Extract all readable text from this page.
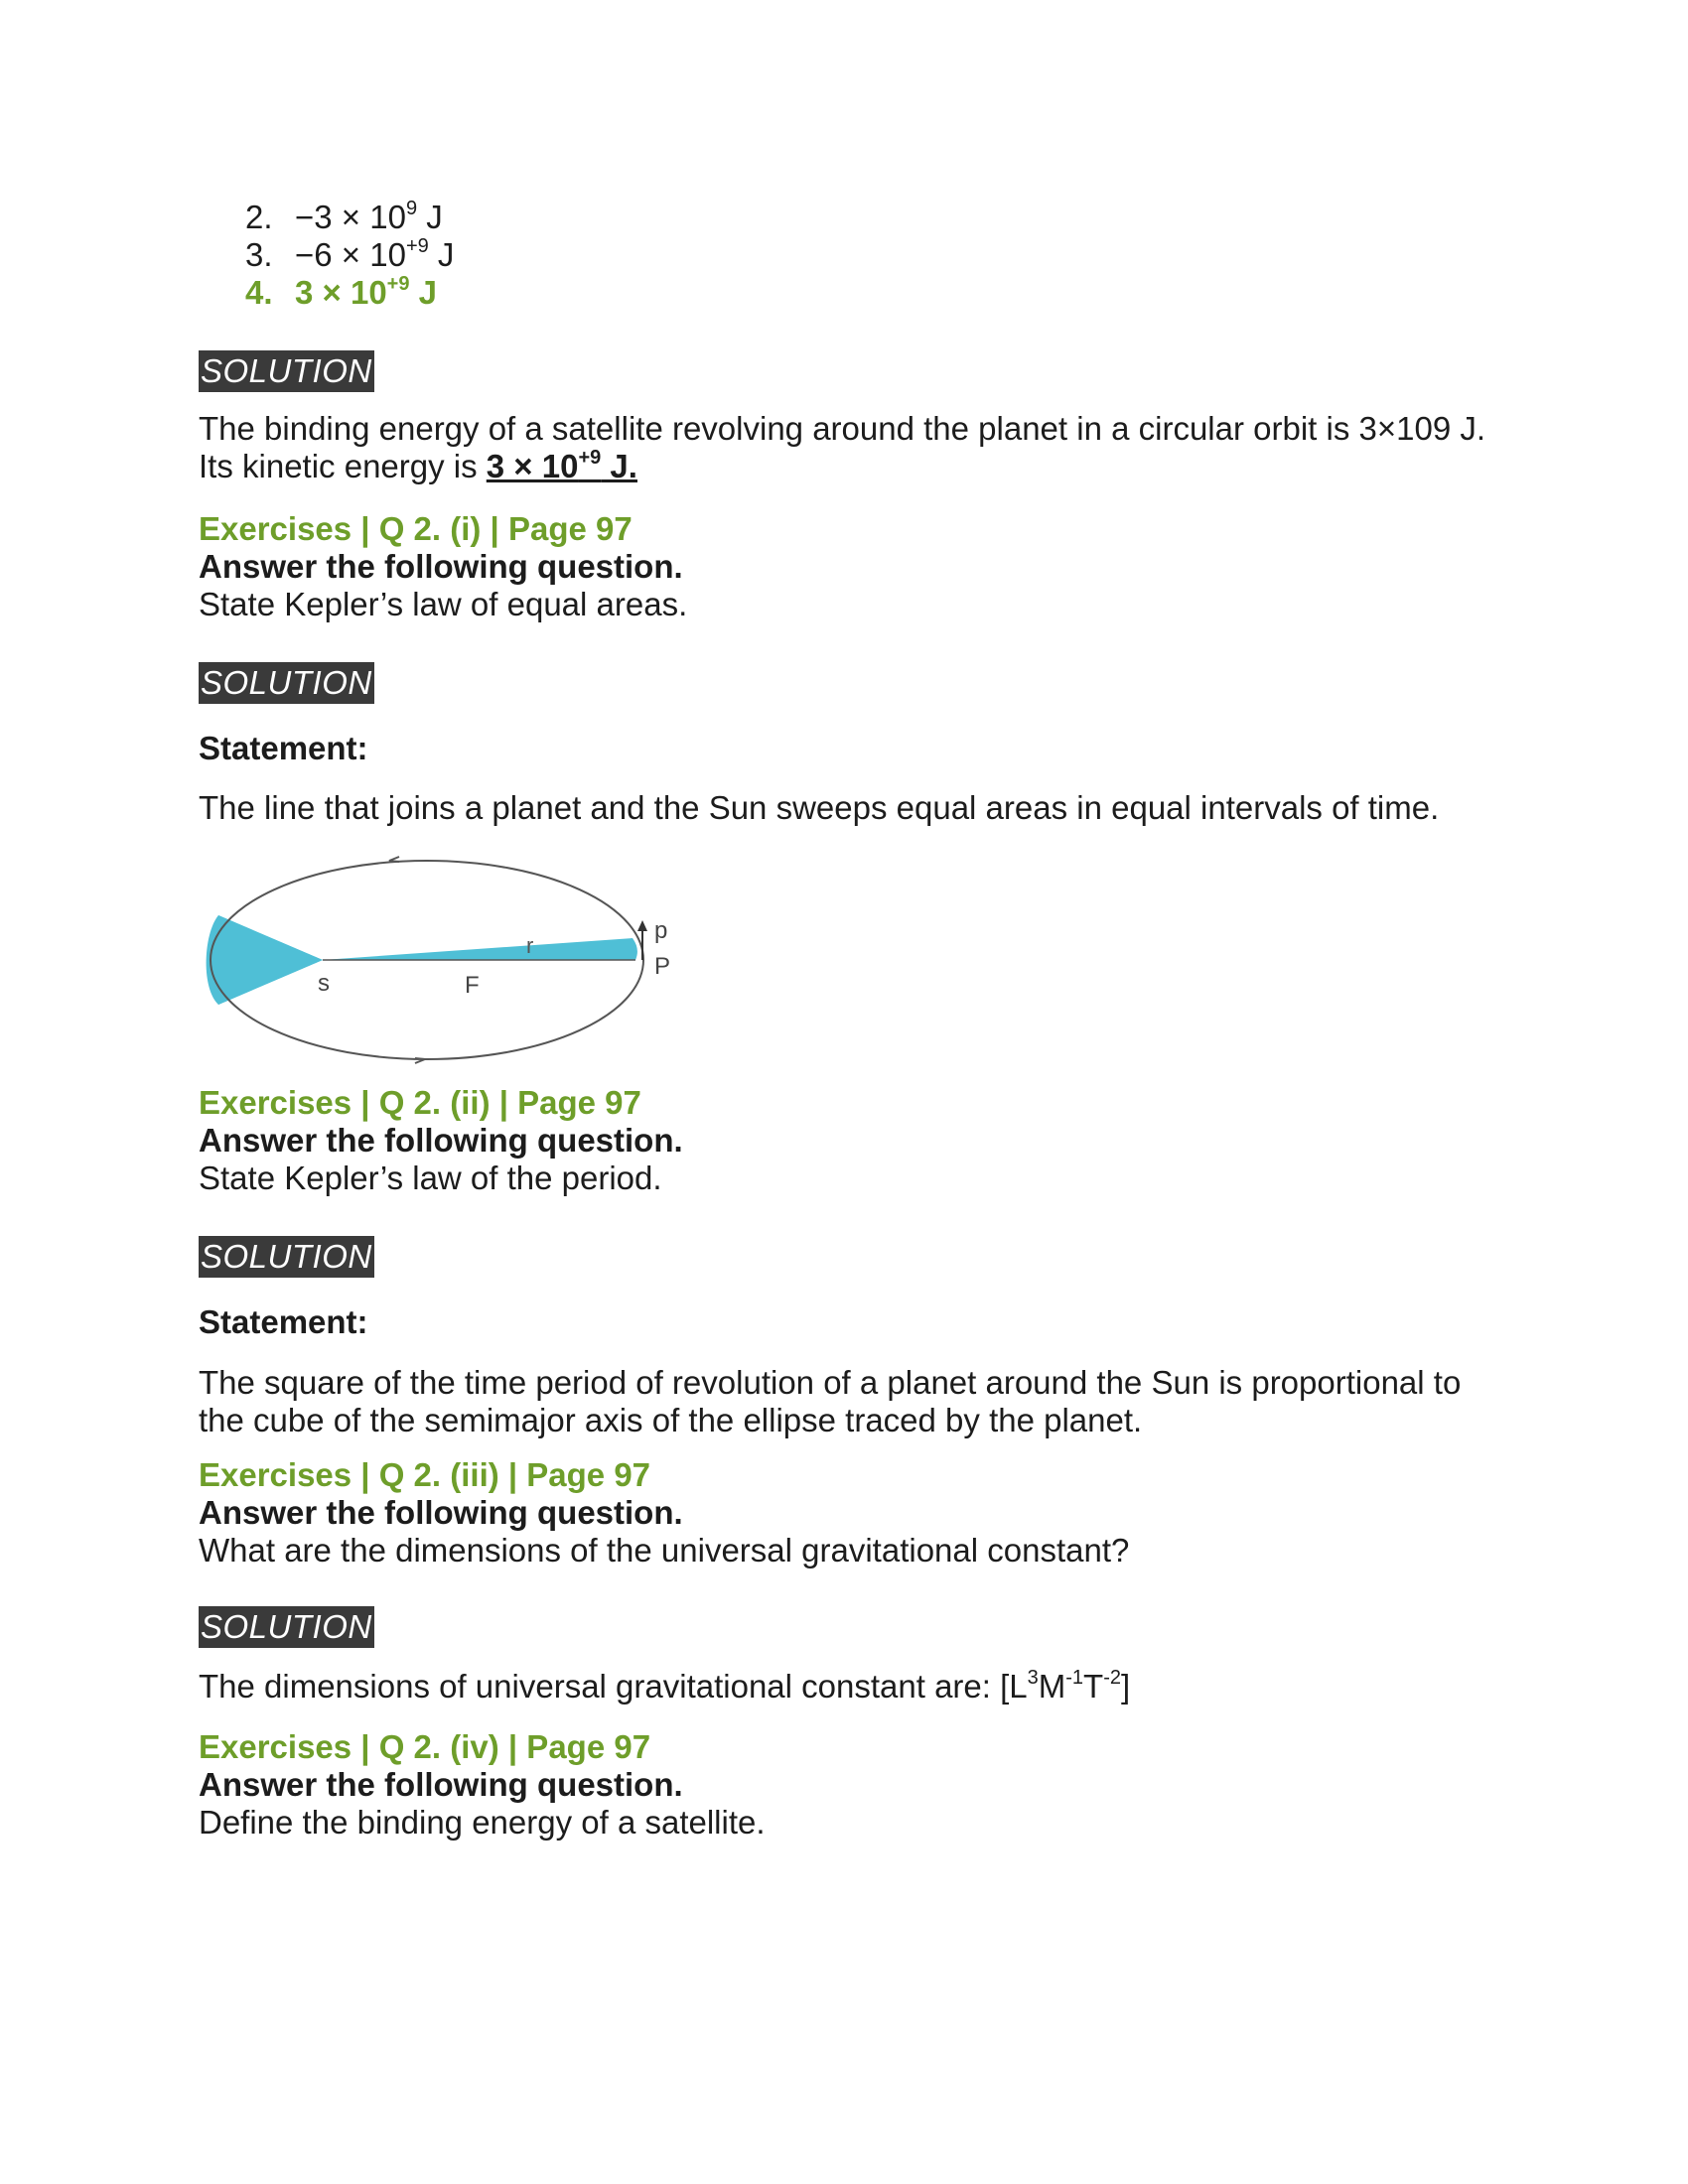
2. $-3 \times 10^9$ J

3. $-6 \times 10^{+9}$ J

4. $3 \times 10^{+9}$ J

SOLUTION

The binding energy of a satellite revolving around the planet in a circular orbit is 3×109 J. Its kinetic energy is $3 \times 10^{+9}$ J.

Exercises | Q 2. (i) | Page 97

Answer the following question.

State Kepler’s law of equal areas.

SOLUTION

Statement:

The line that joins a planet and the Sun sweeps equal areas in equal intervals of time.

s	F
r
P
p

Exercises | Q 2. (ii) | Page 97

Answer the following question.

State Kepler’s law of the period.

SOLUTION

Statement:

The square of the time period of revolution of a planet around the Sun is proportional to the cube of the semimajor axis of the ellipse traced by the planet.

Exercises | Q 2. (iii) | Page 97

Answer the following question.

What are the dimensions of the universal gravitational constant?

SOLUTION

The dimensions of universal gravitational constant are: $[L^3M^{-1}T^{-2}]$

Exercises | Q 2. (iv) | Page 97

Answer the following question.

Define the binding energy of a satellite.
